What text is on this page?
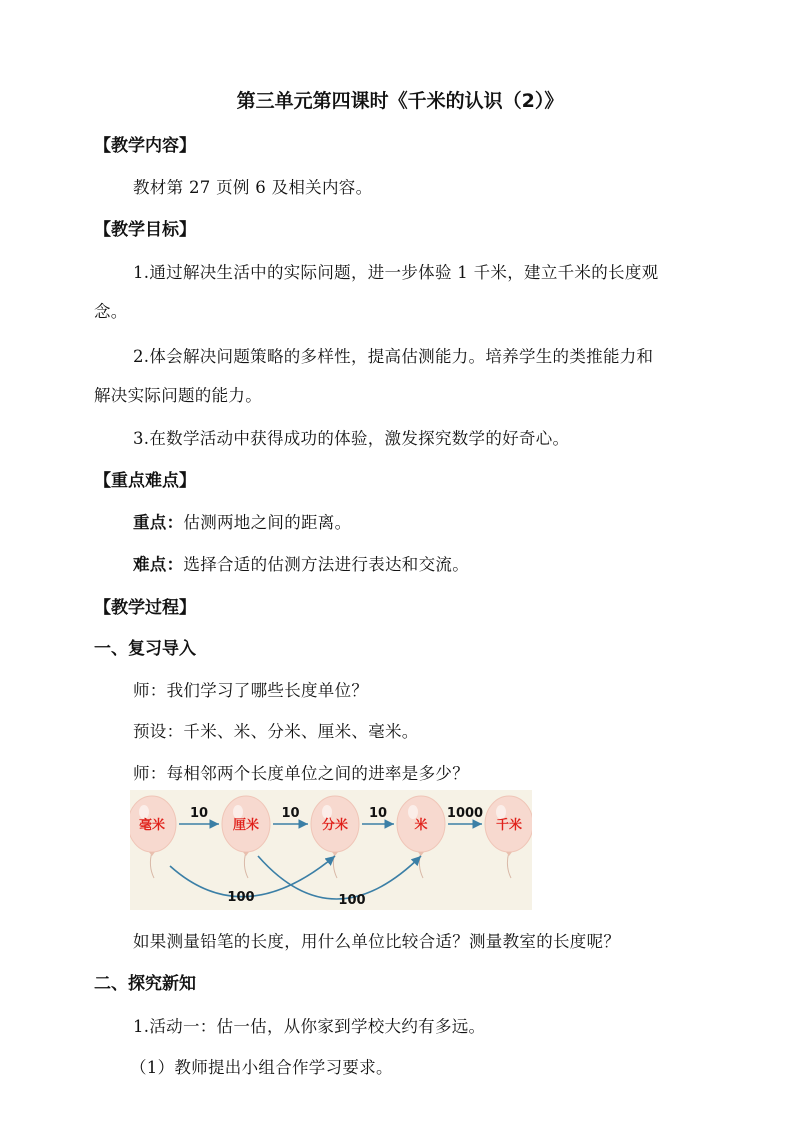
第三单元第四课时《千米的认识（2）》
【教学内容】
教材第 27 页例 6 及相关内容。
【教学目标】
1.通过解决生活中的实际问题，进一步体验 1 千米，建立千米的长度观
念。
2.体会解决问题策略的多样性，提高估测能力。培养学生的类推能力和
解决实际问题的能力。
3.在数学活动中获得成功的体验，激发探究数学的好奇心。
【重点难点】
重点：估测两地之间的距离。
难点：选择合适的估测方法进行表达和交流。
【教学过程】
一、复习导入
师：我们学习了哪些长度单位？
预设：千米、米、分米、厘米、毫米。
师：每相邻两个长度单位之间的进率是多少？
毫米	厘米	分米	米	千米
10	10	10	1000
100	100
如果测量铅笔的长度，用什么单位比较合适？测量教室的长度呢？
二、探究新知
1.活动一：估一估，从你家到学校大约有多远。
（1）教师提出小组合作学习要求。
